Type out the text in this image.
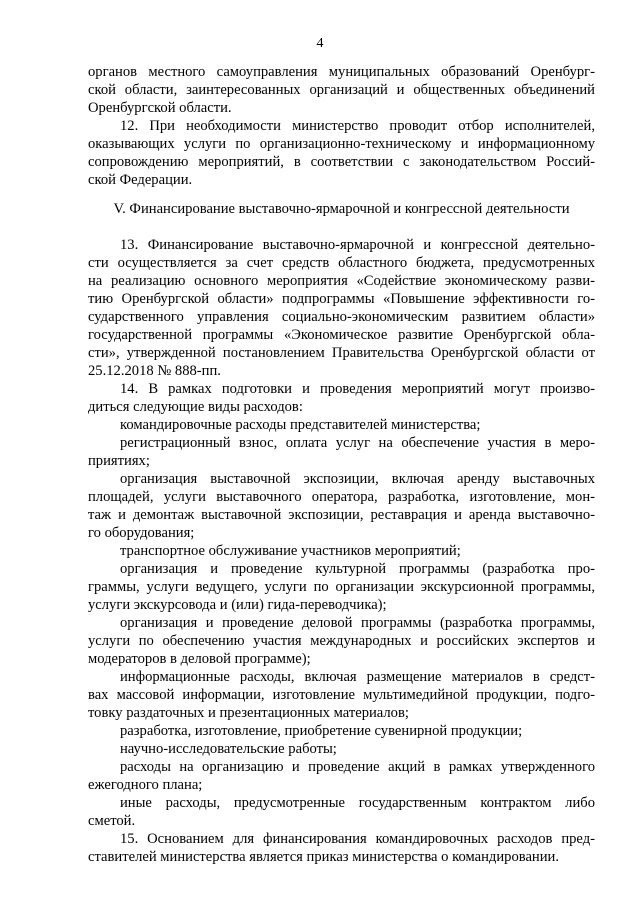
4
органов местного самоуправления муниципальных образований Оренбург-
ской области, заинтересованных организаций и общественных объединений
Оренбургской области.
12. При необходимости министерство проводит отбор исполнителей,
оказывающих услуги по организационно-техническому и информационному
сопровождению мероприятий, в соответствии с законодательством Россий-
ской Федерации.
V. Финансирование выставочно-ярмарочной и конгрессной деятельности
13. Финансирование выставочно-ярмарочной и конгрессной деятельно-
сти осуществляется за счет средств областного бюджета, предусмотренных
на реализацию основного мероприятия «Содействие экономическому разви-
тию Оренбургской области» подпрограммы «Повышение эффективности го-
сударственного управления социально-экономическим развитием области»
государственной программы «Экономическое развитие Оренбургской обла-
сти», утвержденной постановлением Правительства Оренбургской области от
25.12.2018 № 888-пп.
14. В рамках подготовки и проведения мероприятий могут произво-
диться следующие виды расходов:
командировочные расходы представителей министерства;
регистрационный взнос, оплата услуг на обеспечение участия в меро-
приятиях;
организация выставочной экспозиции, включая аренду выставочных
площадей, услуги выставочного оператора, разработка, изготовление, мон-
таж и демонтаж выставочной экспозиции, реставрация и аренда выставочно-
го оборудования;
транспортное обслуживание участников мероприятий;
организация и проведение культурной программы (разработка про-
граммы, услуги ведущего, услуги по организации экскурсионной программы,
услуги экскурсовода и (или) гида-переводчика);
организация и проведение деловой программы (разработка программы,
услуги по обеспечению участия международных и российских экспертов и
модераторов в деловой программе);
информационные расходы, включая размещение материалов в средст-
вах массовой информации, изготовление мультимедийной продукции, подго-
товку раздаточных и презентационных материалов;
разработка, изготовление, приобретение сувенирной продукции;
научно-исследовательские работы;
расходы на организацию и проведение акций в рамках утвержденного
ежегодного плана;
иные расходы, предусмотренные государственным контрактом либо
сметой.
15. Основанием для финансирования командировочных расходов пред-
ставителей министерства является приказ министерства о командировании.
